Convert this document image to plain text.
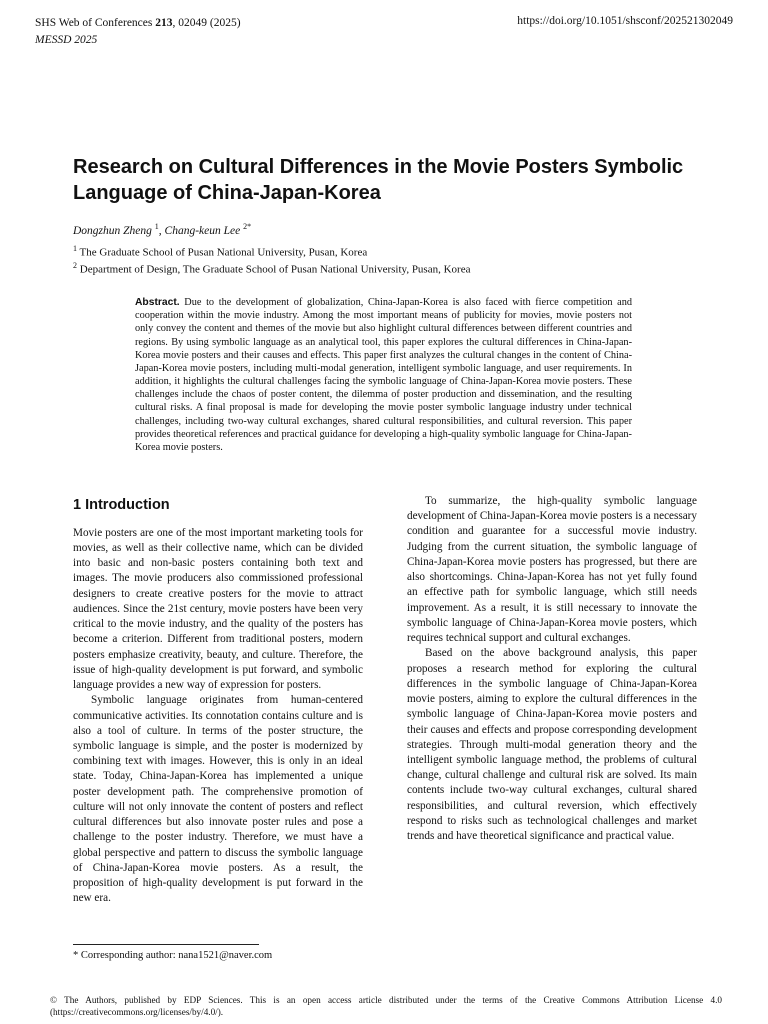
SHS Web of Conferences 213, 02049 (2025)
MESSD 2025
https://doi.org/10.1051/shsconf/202521302049
Research on Cultural Differences in the Movie Posters Symbolic Language of China-Japan-Korea
Dongzhun Zheng $^1$, Chang-keun Lee $^{2*}$
$^1$ The Graduate School of Pusan National University, Pusan, Korea
$^2$ Department of Design, The Graduate School of Pusan National University, Pusan, Korea
Abstract. Due to the development of globalization, China-Japan-Korea is also faced with fierce competition and cooperation within the movie industry. Among the most important means of publicity for movies, movie posters not only convey the content and themes of the movie but also highlight cultural differences between different countries and regions. By using symbolic language as an analytical tool, this paper explores the cultural differences in China-Japan-Korea movie posters and their causes and effects. This paper first analyzes the cultural changes in the content of China-Japan-Korea movie posters, including multi-modal generation, intelligent symbolic language, and user requirements. In addition, it highlights the cultural challenges facing the symbolic language of China-Japan-Korea movie posters. These challenges include the chaos of poster content, the dilemma of poster production and dissemination, and the resulting cultural risks. A final proposal is made for developing the movie poster symbolic language industry under technical challenges, including two-way cultural exchanges, shared cultural responsibilities, and cultural reversion. This paper provides theoretical references and practical guidance for developing a high-quality symbolic language for China-Japan-Korea movie posters.
1 Introduction

Movie posters are one of the most important marketing tools for movies, as well as their collective name, which can be divided into basic and non-basic posters containing both text and images. The movie producers also commissioned professional designers to create creative posters for the movie to attract audiences. Since the 21st century, movie posters have been very critical to the movie industry, and the quality of the posters has become a criterion. Different from traditional posters, modern posters emphasize creativity, beauty, and culture. Therefore, the issue of high-quality development is put forward, and symbolic language provides a new way of expression for posters.

Symbolic language originates from human-centered communicative activities. Its connotation contains culture and is also a tool of culture. In terms of the poster structure, the symbolic language is simple, and the poster is modernized by combining text with images. However, this is only in an ideal state. Today, China-Japan-Korea has implemented a unique poster development path. The comprehensive promotion of culture will not only innovate the content of posters and reflect cultural differences but also innovate poster rules and pose a challenge to the poster industry. Therefore, we must have a global perspective and pattern to discuss the symbolic language of China-Japan-Korea movie posters. As a result, the proposition of high-quality development is put forward in the new era.

To summarize, the high-quality symbolic language development of China-Japan-Korea movie posters is a necessary condition and guarantee for a successful movie industry. Judging from the current situation, the symbolic language of China-Japan-Korea movie posters has progressed, but there are also shortcomings. China-Japan-Korea has not yet fully found an effective path for symbolic language, which still needs improvement. As a result, it is still necessary to innovate the symbolic language of China-Japan-Korea movie posters, which requires technical support and cultural exchanges.

Based on the above background analysis, this paper proposes a research method for exploring the cultural differences in the symbolic language of China-Japan-Korea movie posters, aiming to explore the cultural differences in the symbolic language of China-Japan-Korea movie posters and their causes and effects and propose corresponding development strategies. Through multi-modal generation theory and the intelligent symbolic language method, the problems of cultural change, cultural challenge and cultural risk are solved. Its main contents include two-way cultural exchanges, cultural shared responsibilities, and cultural reversion, which effectively respond to risks such as technological challenges and market trends and have theoretical significance and practical value.

* Corresponding author: nana1521@naver.com
© The Authors, published by EDP Sciences. This is an open access article distributed under the terms of the Creative Commons Attribution License 4.0 (https://creativecommons.org/licenses/by/4.0/).
